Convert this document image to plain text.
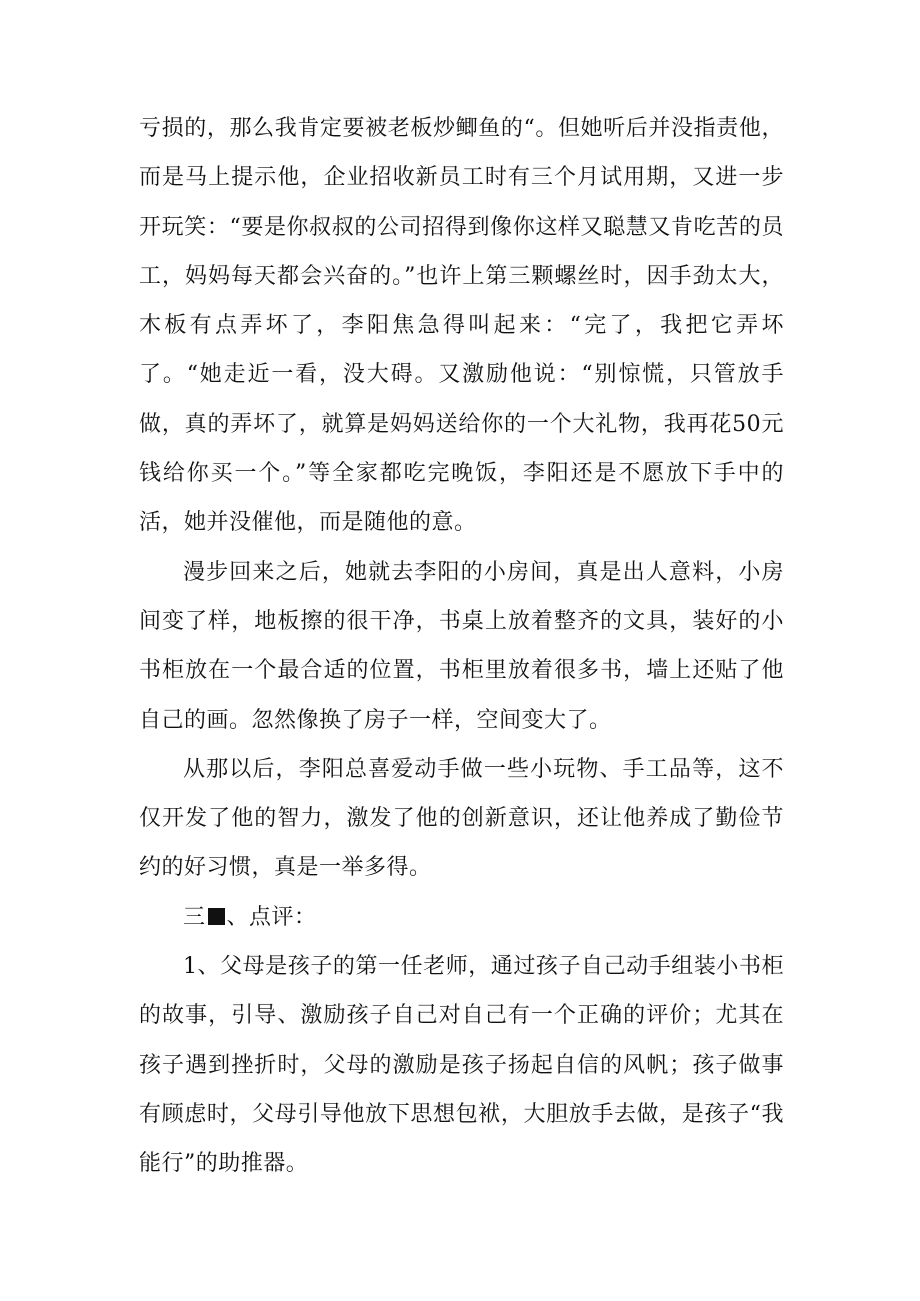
亏损的，那么我肯定要被老板炒鲫鱼的“。但她听后并没指责他，而是马上提示他，企业招收新员工时有三个月试用期，又进一步开玩笑：“要是你叔叔的公司招得到像你这样又聪慧又肯吃苦的员工，妈妈每天都会兴奋的。”也许上第三颗螺丝时，因手劲太大，木板有点弄坏了，李阳焦急得叫起来：“完了，我把它弄坏了。“她走近一看，没大碍。又激励他说：“别惊慌，只管放手做，真的弄坏了，就算是妈妈送给你的一个大礼物，我再花50元钱给你买一个。”等全家都吃完晚饭，李阳还是不愿放下手中的活，她并没催他，而是随他的意。

漫步回来之后，她就去李阳的小房间，真是出人意料，小房间变了样，地板擦的很干净，书桌上放着整齐的文具，装好的小书柜放在一个最合适的位置，书柜里放着很多书，墙上还贴了他自己的画。忽然像换了房子一样，空间变大了。

从那以后，李阳总喜爱动手做一些小玩物、手工品等，这不仅开发了他的智力，激发了他的创新意识，还让他养成了勤俭节约的好习惯，真是一举多得。

三 、点评：

1、父母是孩子的第一任老师，通过孩子自己动手组装小书柜的故事，引导、激励孩子自己对自己有一个正确的评价；尤其在孩子遇到挫折时，父母的激励是孩子扬起自信的风帆；孩子做事有顾虑时，父母引导他放下思想包袱，大胆放手去做，是孩子“我能行”的助推器。
